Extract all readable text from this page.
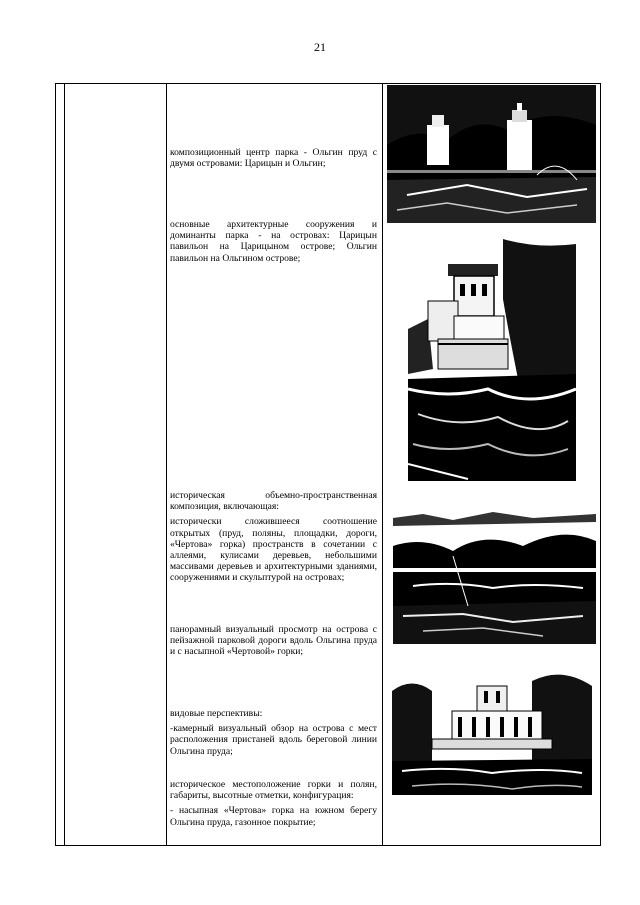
21

композиционный центр парка - Ольгин пруд с двумя островами: Царицын и Ольгин;

основные архитектурные сооружения и доминанты парка - на островах: Царицын павильон на Царицыном острове; Ольгин павильон на Ольгином острове;

историческая объемно-пространственная композиция, включающая:

исторически сложившееся соотношение открытых (пруд, поляны, площадки, дороги, «Чертова» горка) пространств в сочетании с аллеями, кулисами деревьев, небольшими массивами деревьев и архитектурными зданиями, сооружениями и скульптурой на островах;

панорамный визуальный просмотр на острова с пейзажной парковой дороги вдоль Ольгина пруда и с насыпной «Чертовой» горки;

видовые перспективы:

-камерный визуальный обзор на острова с мест расположения пристаней вдоль береговой линии Ольгина пруда;

историческое местоположение горки и полян, габариты, высотные отметки, конфигурация:

- насыпная «Чертова» горка на южном берегу Ольгина пруда, газонное покрытие;
